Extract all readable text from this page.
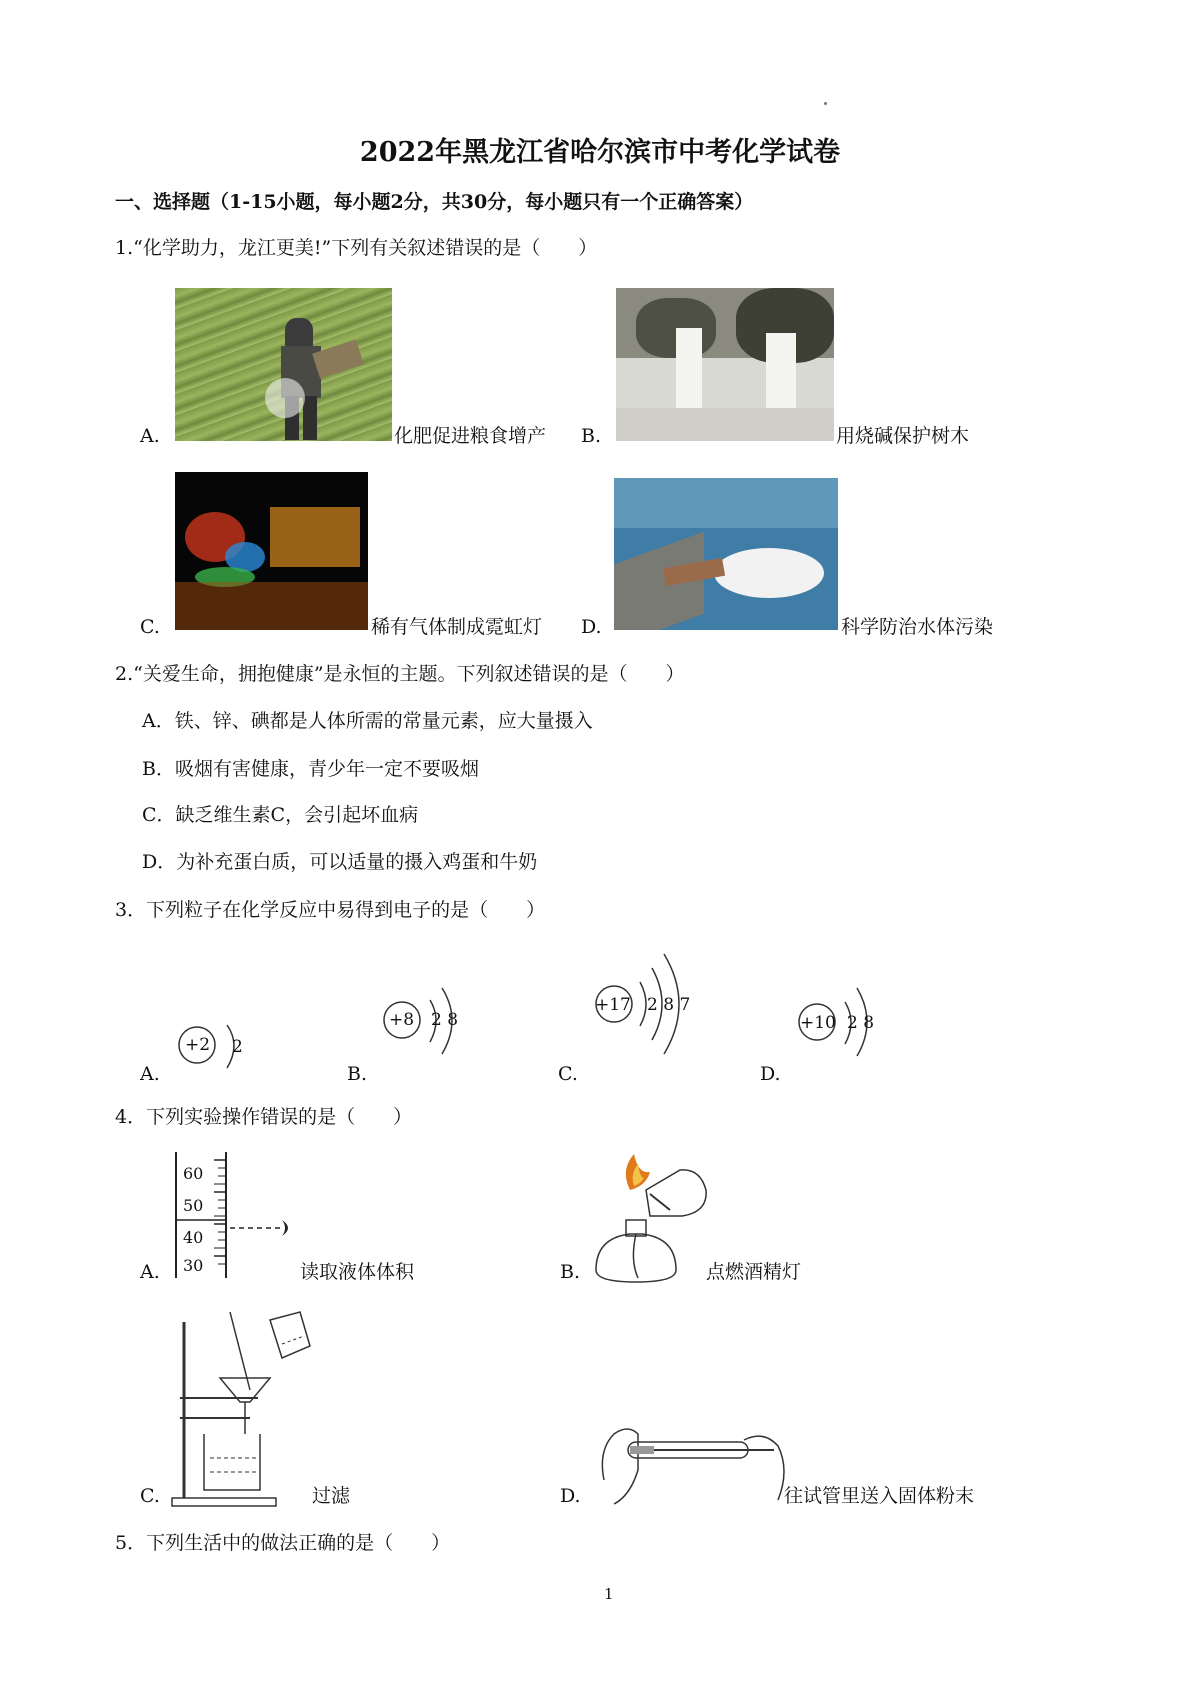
2022年黑龙江省哈尔滨市中考化学试卷
一、选择题（1-15小题，每小题2分，共30分，每小题只有一个正确答案）
1.“化学助力，龙江更美!”下列有关叙述错误的是（　　）
A.	化肥促进粮食增产 B.	用烧碱保护树木
C.	稀有气体制成霓虹灯 D.	科学防治水体污染
2.“关爱生命，拥抱健康”是永恒的主题。下列叙述错误的是（　　）
A．铁、锌、碘都是人体所需的常量元素，应大量摄入
B．吸烟有害健康，青少年一定不要吸烟
C．缺乏维生素C，会引起坏血病
D．为补充蛋白质，可以适量的摄入鸡蛋和牛奶
3．下列粒子在化学反应中易得到电子的是（　　）
A.
+2 2
B.
+8 2 8
C.
+17 2 8 7
D.
+10 2 8
4．下列实验操作错误的是（　　）
A.
60
50
40
30	读取液体体积	B.	点燃酒精灯
C.	过滤	D.	往试管里送入固体粉末
5．下列生活中的做法正确的是（　　）
1
